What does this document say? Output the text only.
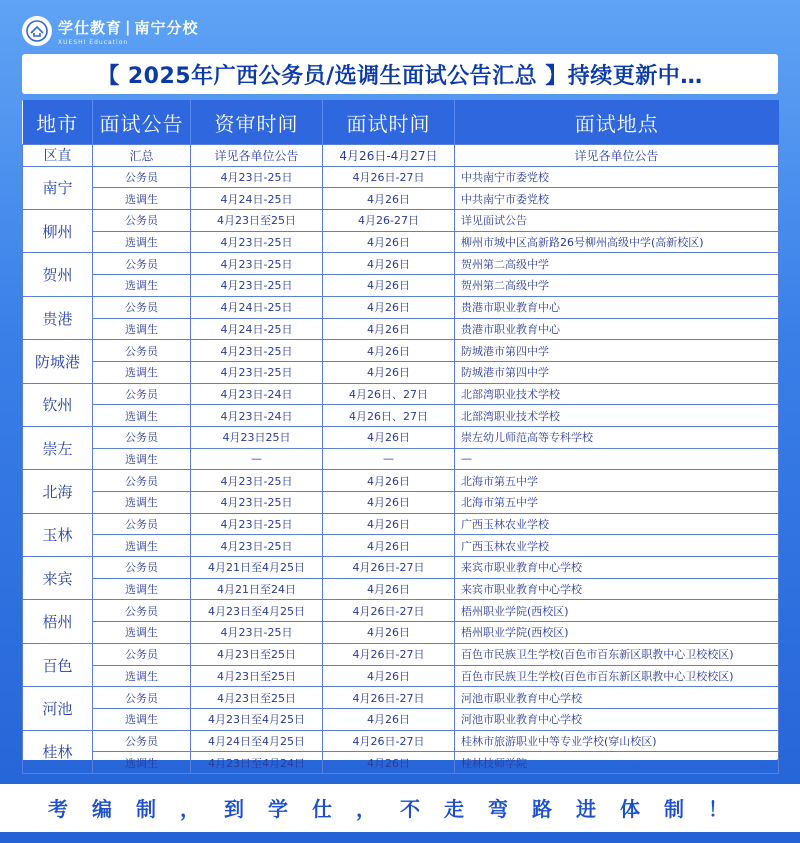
学仕教育 | 南宁分校
XUESHI Education
【 2025年广西公务员/选调生面试公告汇总 】持续更新中…
地市	面试公告	资审时间	面试时间	面试地点
区直	汇总	详见各单位公告	4月26日-4月27日	详见各单位公告
南宁	公务员	4月23日-25日	4月26日-27日	中共南宁市委党校
	选调生	4月24日-25日	4月26日	中共南宁市委党校
柳州	公务员	4月23日至25日	4月26-27日	详见面试公告
	选调生	4月23日-25日	4月26日	柳州市城中区高新路26号柳州高级中学(高新校区)
贺州	公务员	4月23日-25日	4月26日	贺州第二高级中学
	选调生	4月23日-25日	4月26日	贺州第二高级中学
贵港	公务员	4月24日-25日	4月26日	贵港市职业教育中心
	选调生	4月24日-25日	4月26日	贵港市职业教育中心
防城港	公务员	4月23日-25日	4月26日	防城港市第四中学
	选调生	4月23日-25日	4月26日	防城港市第四中学
钦州	公务员	4月23日-24日	4月26日、27日	北部湾职业技术学校
	选调生	4月23日-24日	4月26日、27日	北部湾职业技术学校
崇左	公务员	4月23日25日	4月26日	崇左幼儿师范高等专科学校
	选调生	—	—	—
北海	公务员	4月23日-25日	4月26日	北海市第五中学
	选调生	4月23日-25日	4月26日	北海市第五中学
玉林	公务员	4月23日-25日	4月26日	广西玉林农业学校
	选调生	4月23日-25日	4月26日	广西玉林农业学校
来宾	公务员	4月21日至4月25日	4月26日-27日	来宾市职业教育中心学校
	选调生	4月21日至24日	4月26日	来宾市职业教育中心学校
梧州	公务员	4月23日至4月25日	4月26日-27日	梧州职业学院(西校区)
	选调生	4月23日-25日	4月26日	梧州职业学院(西校区)
百色	公务员	4月23日至25日	4月26日-27日	百色市民族卫生学校(百色市百东新区职教中心卫校校区)
	选调生	4月23日至25日	4月26日	百色市民族卫生学校(百色市百东新区职教中心卫校校区)
河池	公务员	4月23日至25日	4月26日-27日	河池市职业教育中心学校
	选调生	4月23日至4月25日	4月26日	河池市职业教育中心学校
桂林	公务员	4月24日至4月25日	4月26日-27日	桂林市旅游职业中等专业学校(穿山校区)
	选调生	4月23日至4月24日	4月26日	桂林技师学院
考编制，到学仕，不走弯路进体制！
